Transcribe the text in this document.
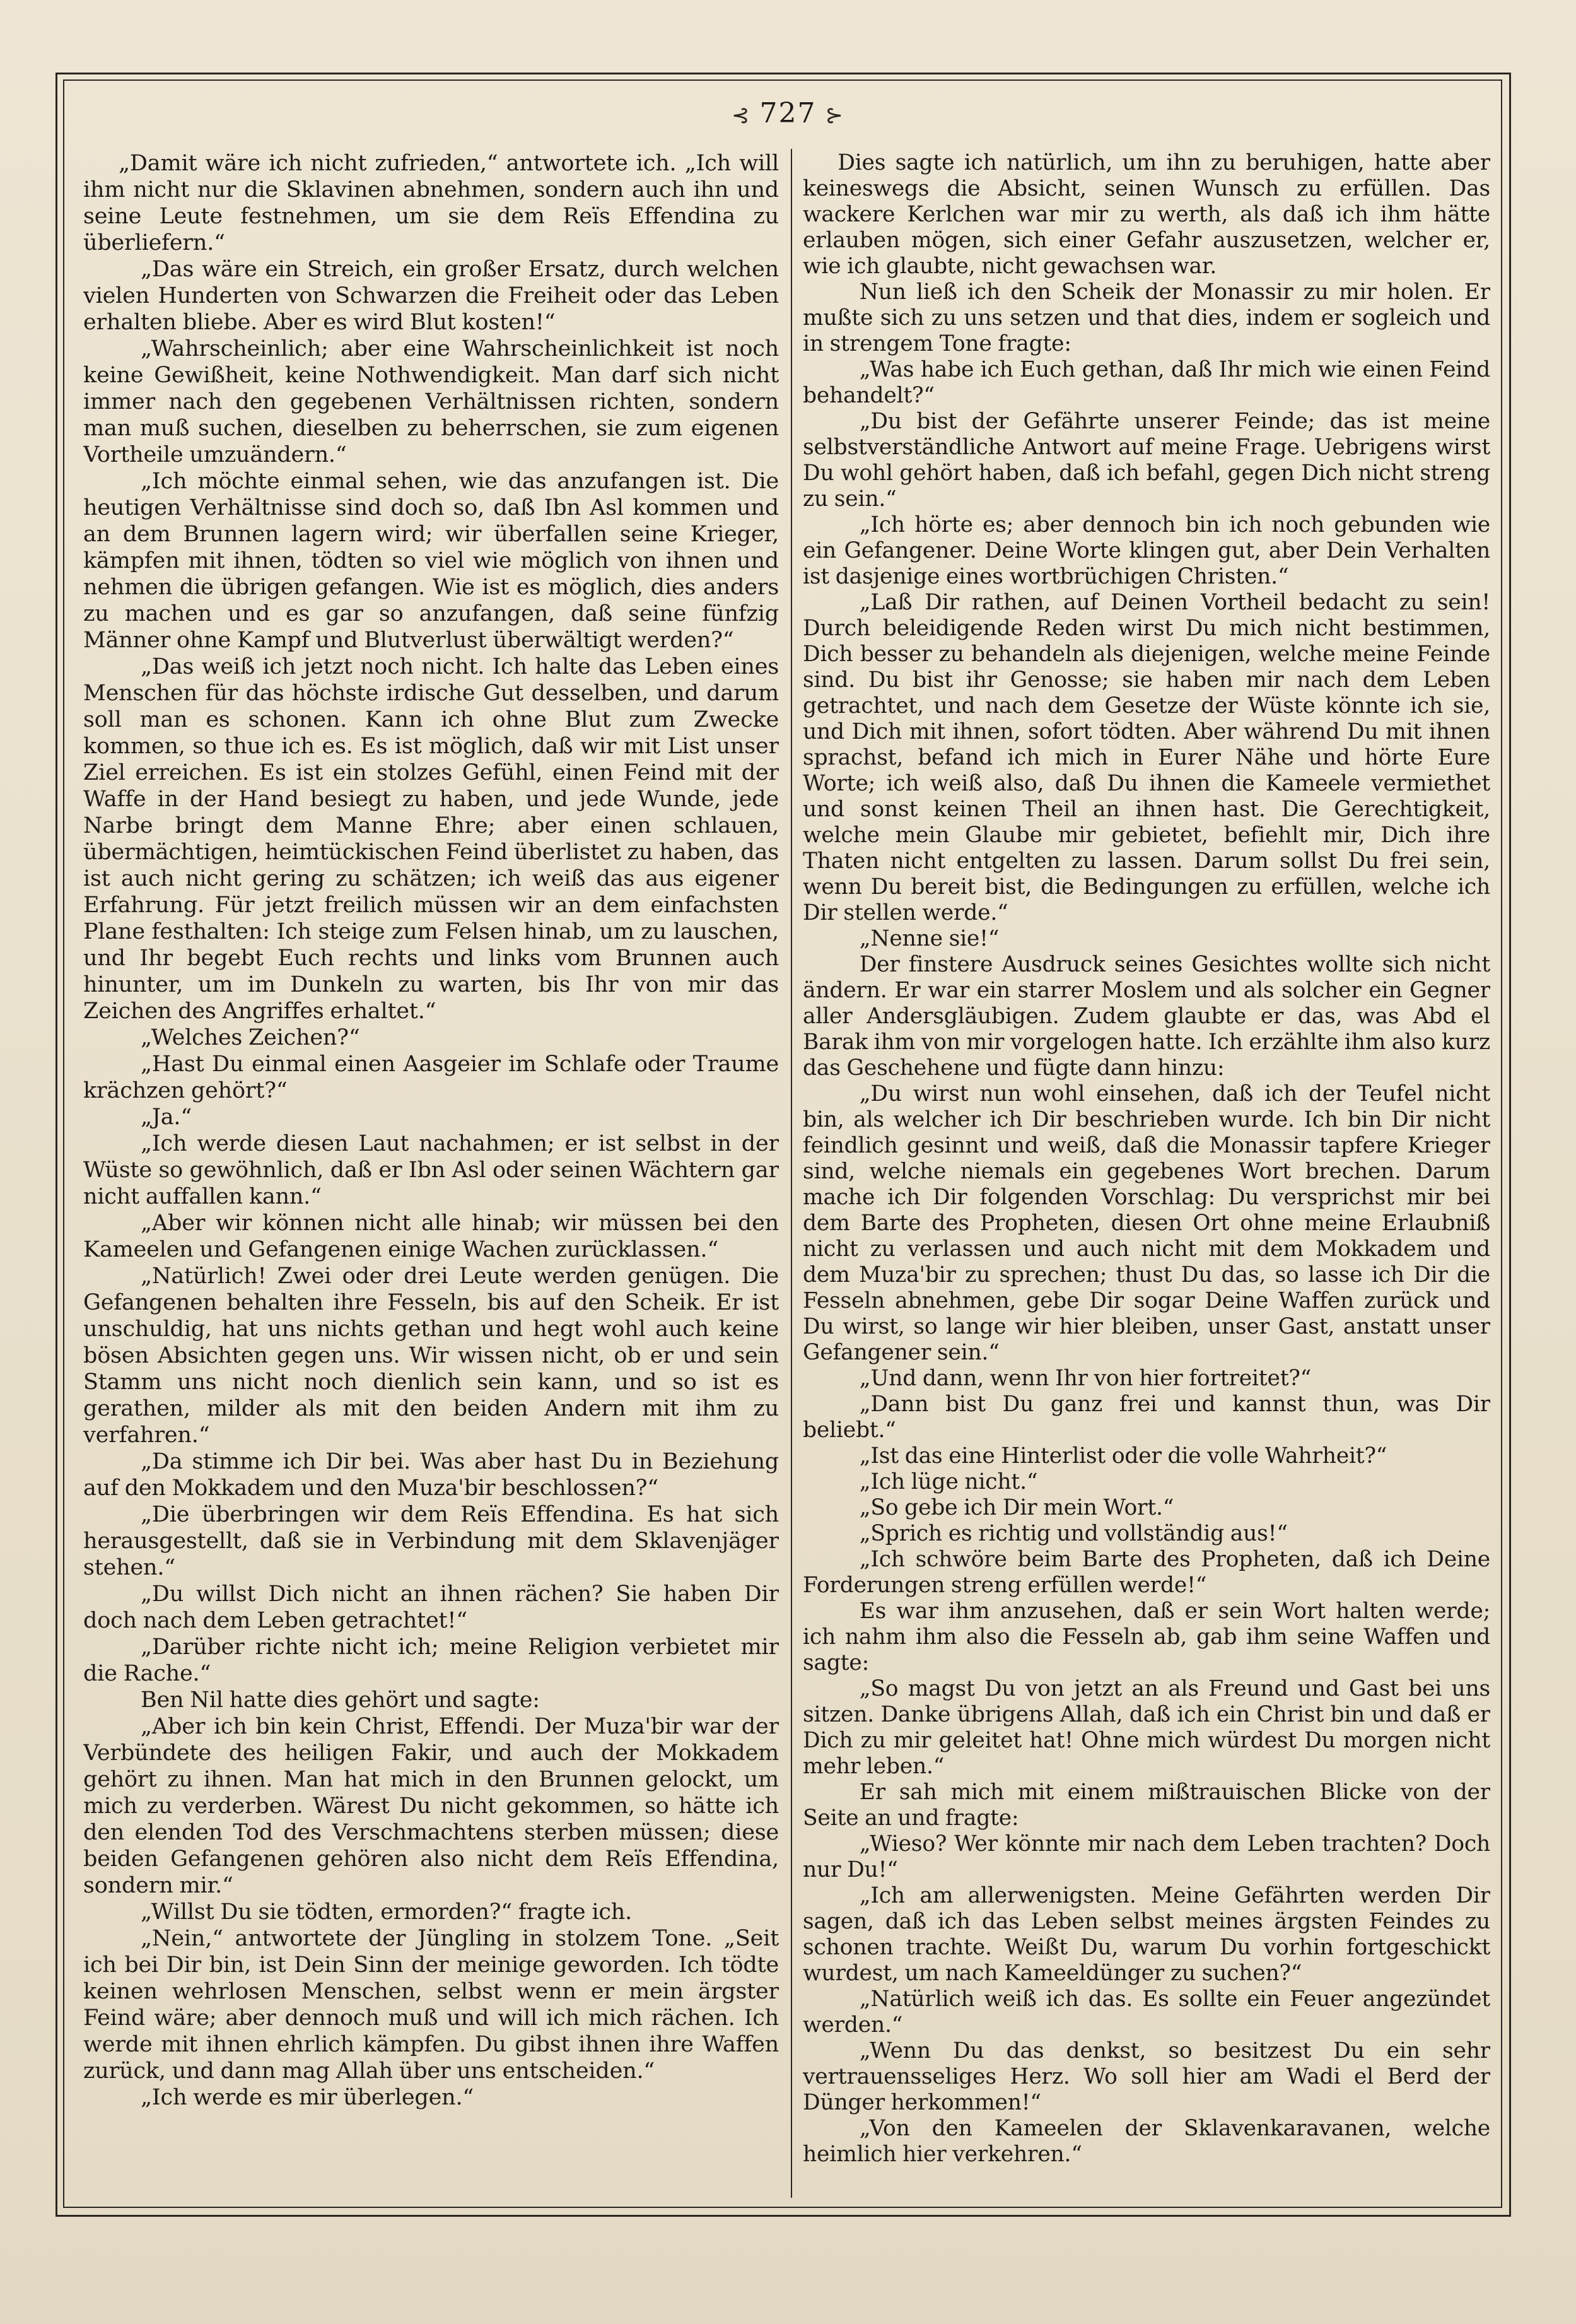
⊰ 727 ⊱

„Damit wäre ich nicht zufrieden,“ antwortete ich. „Ich will ihm nicht nur die Sklavinen abnehmen, sondern auch ihn und seine Leute festnehmen, um sie dem Reïs Effendina zu überliefern.“

„Das wäre ein Streich, ein großer Ersatz, durch welchen vielen Hunderten von Schwarzen die Freiheit oder das Leben erhalten bliebe. Aber es wird Blut kosten!“

„Wahrscheinlich; aber eine Wahrscheinlichkeit ist noch keine Gewißheit, keine Nothwendigkeit. Man darf sich nicht immer nach den gegebenen Verhältnissen richten, sondern man muß suchen, dieselben zu beherrschen, sie zum eigenen Vortheile umzuändern.“

„Ich möchte einmal sehen, wie das anzufangen ist. Die heutigen Verhältnisse sind doch so, daß Ibn Asl kommen und an dem Brunnen lagern wird; wir überfallen seine Krieger, kämpfen mit ihnen, tödten so viel wie möglich von ihnen und nehmen die übrigen gefangen. Wie ist es möglich, dies anders zu machen und es gar so anzufangen, daß seine fünfzig Männer ohne Kampf und Blutverlust überwältigt werden?“

„Das weiß ich jetzt noch nicht. Ich halte das Leben eines Menschen für das höchste irdische Gut desselben, und darum soll man es schonen. Kann ich ohne Blut zum Zwecke kommen, so thue ich es. Es ist möglich, daß wir mit List unser Ziel erreichen. Es ist ein stolzes Gefühl, einen Feind mit der Waffe in der Hand besiegt zu haben, und jede Wunde, jede Narbe bringt dem Manne Ehre; aber einen schlauen, übermächtigen, heimtückischen Feind überlistet zu haben, das ist auch nicht gering zu schätzen; ich weiß das aus eigener Erfahrung. Für jetzt freilich müssen wir an dem einfachsten Plane festhalten: Ich steige zum Felsen hinab, um zu lauschen, und Ihr begebt Euch rechts und links vom Brunnen auch hinunter, um im Dunkeln zu warten, bis Ihr von mir das Zeichen des Angriffes erhaltet.“

„Welches Zeichen?“

„Hast Du einmal einen Aasgeier im Schlafe oder Traume krächzen gehört?“

„Ja.“

„Ich werde diesen Laut nachahmen; er ist selbst in der Wüste so gewöhnlich, daß er Ibn Asl oder seinen Wächtern gar nicht auffallen kann.“

„Aber wir können nicht alle hinab; wir müssen bei den Kameelen und Gefangenen einige Wachen zurücklassen.“

„Natürlich! Zwei oder drei Leute werden genügen. Die Gefangenen behalten ihre Fesseln, bis auf den Scheik. Er ist unschuldig, hat uns nichts gethan und hegt wohl auch keine bösen Absichten gegen uns. Wir wissen nicht, ob er und sein Stamm uns nicht noch dienlich sein kann, und so ist es gerathen, milder als mit den beiden Andern mit ihm zu verfahren.“

„Da stimme ich Dir bei. Was aber hast Du in Beziehung auf den Mokkadem und den Muza'bir beschlossen?“

„Die überbringen wir dem Reïs Effendina. Es hat sich herausgestellt, daß sie in Verbindung mit dem Sklavenjäger stehen.“

„Du willst Dich nicht an ihnen rächen? Sie haben Dir doch nach dem Leben getrachtet!“

„Darüber richte nicht ich; meine Religion verbietet mir die Rache.“

Ben Nil hatte dies gehört und sagte:

„Aber ich bin kein Christ, Effendi. Der Muza'bir war der Verbündete des heiligen Fakir, und auch der Mokkadem gehört zu ihnen. Man hat mich in den Brunnen gelockt, um mich zu verderben. Wärest Du nicht gekommen, so hätte ich den elenden Tod des Verschmachtens sterben müssen; diese beiden Gefangenen gehören also nicht dem Reïs Effendina, sondern mir.“

„Willst Du sie tödten, ermorden?“ fragte ich.

„Nein,“ antwortete der Jüngling in stolzem Tone. „Seit ich bei Dir bin, ist Dein Sinn der meinige geworden. Ich tödte keinen wehrlosen Menschen, selbst wenn er mein ärgster Feind wäre; aber dennoch muß und will ich mich rächen. Ich werde mit ihnen ehrlich kämpfen. Du gibst ihnen ihre Waffen zurück, und dann mag Allah über uns entscheiden.“

„Ich werde es mir überlegen.“

Dies sagte ich natürlich, um ihn zu beruhigen, hatte aber keineswegs die Absicht, seinen Wunsch zu erfüllen. Das wackere Kerlchen war mir zu werth, als daß ich ihm hätte erlauben mögen, sich einer Gefahr auszusetzen, welcher er, wie ich glaubte, nicht gewachsen war.

Nun ließ ich den Scheik der Monassir zu mir holen. Er mußte sich zu uns setzen und that dies, indem er sogleich und in strengem Tone fragte:

„Was habe ich Euch gethan, daß Ihr mich wie einen Feind behandelt?“

„Du bist der Gefährte unserer Feinde; das ist meine selbstverständliche Antwort auf meine Frage. Uebrigens wirst Du wohl gehört haben, daß ich befahl, gegen Dich nicht streng zu sein.“

„Ich hörte es; aber dennoch bin ich noch gebunden wie ein Gefangener. Deine Worte klingen gut, aber Dein Verhalten ist dasjenige eines wortbrüchigen Christen.“

„Laß Dir rathen, auf Deinen Vortheil bedacht zu sein! Durch beleidigende Reden wirst Du mich nicht bestimmen, Dich besser zu behandeln als diejenigen, welche meine Feinde sind. Du bist ihr Genosse; sie haben mir nach dem Leben getrachtet, und nach dem Gesetze der Wüste könnte ich sie, und Dich mit ihnen, sofort tödten. Aber während Du mit ihnen sprachst, befand ich mich in Eurer Nähe und hörte Eure Worte; ich weiß also, daß Du ihnen die Kameele vermiethet und sonst keinen Theil an ihnen hast. Die Gerechtigkeit, welche mein Glaube mir gebietet, befiehlt mir, Dich ihre Thaten nicht entgelten zu lassen. Darum sollst Du frei sein, wenn Du bereit bist, die Bedingungen zu erfüllen, welche ich Dir stellen werde.“

„Nenne sie!“

Der finstere Ausdruck seines Gesichtes wollte sich nicht ändern. Er war ein starrer Moslem und als solcher ein Gegner aller Andersgläubigen. Zudem glaubte er das, was Abd el Barak ihm von mir vorgelogen hatte. Ich erzählte ihm also kurz das Geschehene und fügte dann hinzu:

„Du wirst nun wohl einsehen, daß ich der Teufel nicht bin, als welcher ich Dir beschrieben wurde. Ich bin Dir nicht feindlich gesinnt und weiß, daß die Monassir tapfere Krieger sind, welche niemals ein gegebenes Wort brechen. Darum mache ich Dir folgenden Vorschlag: Du versprichst mir bei dem Barte des Propheten, diesen Ort ohne meine Erlaubniß nicht zu verlassen und auch nicht mit dem Mokkadem und dem Muza'bir zu sprechen; thust Du das, so lasse ich Dir die Fesseln abnehmen, gebe Dir sogar Deine Waffen zurück und Du wirst, so lange wir hier bleiben, unser Gast, anstatt unser Gefangener sein.“

„Und dann, wenn Ihr von hier fortreitet?“

„Dann bist Du ganz frei und kannst thun, was Dir beliebt.“

„Ist das eine Hinterlist oder die volle Wahrheit?“

„Ich lüge nicht.“

„So gebe ich Dir mein Wort.“

„Sprich es richtig und vollständig aus!“

„Ich schwöre beim Barte des Propheten, daß ich Deine Forderungen streng erfüllen werde!“

Es war ihm anzusehen, daß er sein Wort halten werde; ich nahm ihm also die Fesseln ab, gab ihm seine Waffen und sagte:

„So magst Du von jetzt an als Freund und Gast bei uns sitzen. Danke übrigens Allah, daß ich ein Christ bin und daß er Dich zu mir geleitet hat! Ohne mich würdest Du morgen nicht mehr leben.“

Er sah mich mit einem mißtrauischen Blicke von der Seite an und fragte:

„Wieso? Wer könnte mir nach dem Leben trachten? Doch nur Du!“

„Ich am allerwenigsten. Meine Gefährten werden Dir sagen, daß ich das Leben selbst meines ärgsten Feindes zu schonen trachte. Weißt Du, warum Du vorhin fortgeschickt wurdest, um nach Kameeldünger zu suchen?“

„Natürlich weiß ich das. Es sollte ein Feuer angezündet werden.“

„Wenn Du das denkst, so besitzest Du ein sehr vertrauensseliges Herz. Wo soll hier am Wadi el Berd der Dünger herkommen!“

„Von den Kameelen der Sklavenkaravanen, welche heimlich hier verkehren.“
